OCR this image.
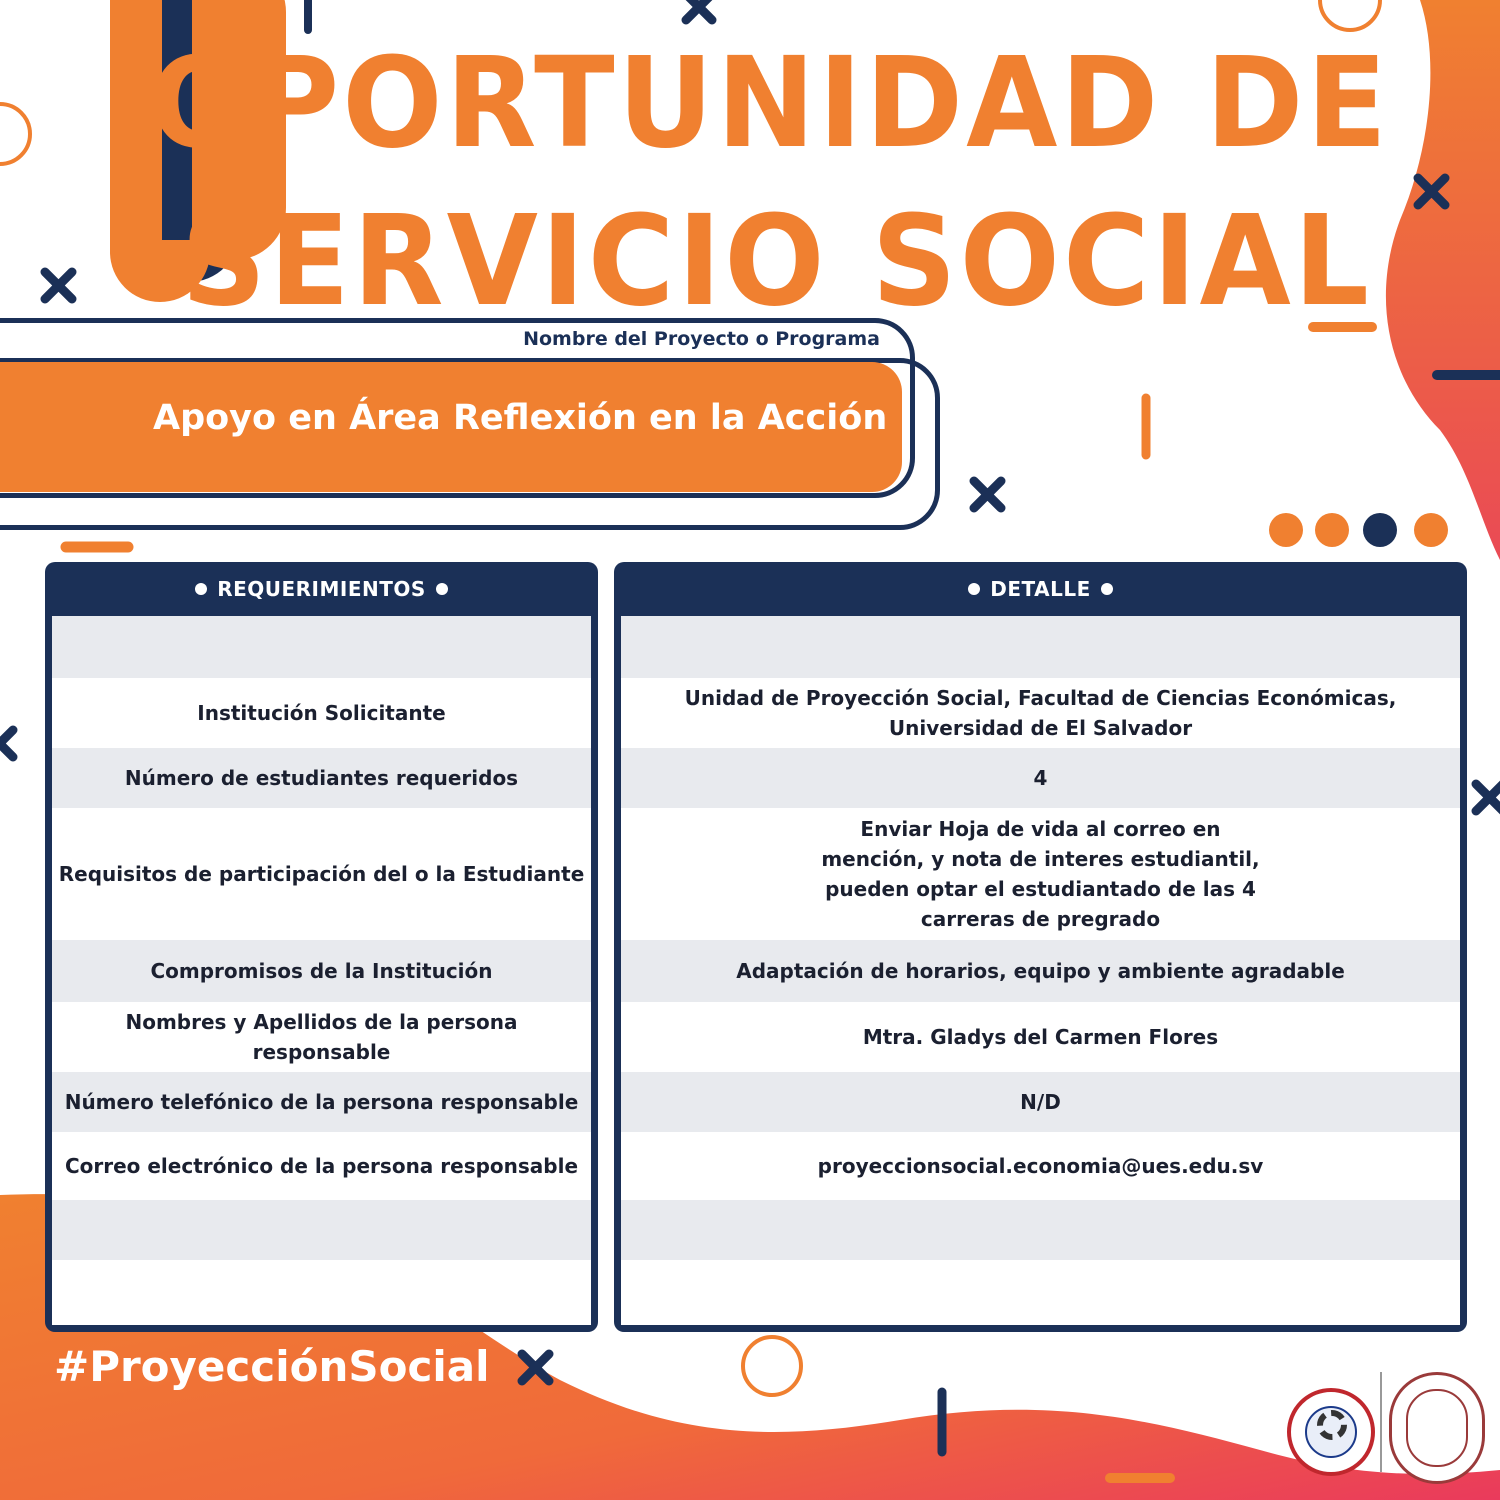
OPORTUNIDAD DE
SERVICIO SOCIAL
Nombre del Proyecto o Programa
Apoyo en Área Reflexión en la Acción
REQUERIMIENTOS
Institución Solicitante
Número de estudiantes requeridos
Requisitos de participación del o la Estudiante
Compromisos de la Institución
Nombres y Apellidos de la persona responsable
Número telefónico de la persona responsable
Correo electrónico de la persona responsable
DETALLE
Unidad de Proyección Social, Facultad de Ciencias Económicas,
Universidad de El Salvador
4
Enviar Hoja de vida al correo en
mención, y nota de interes estudiantil,
pueden optar el estudiantado de las 4
carreras de pregrado
Adaptación de horarios, equipo y ambiente agradable
Mtra. Gladys del Carmen Flores
N/D
proyeccionsocial.economia@ues.edu.sv
#ProyecciónSocial
